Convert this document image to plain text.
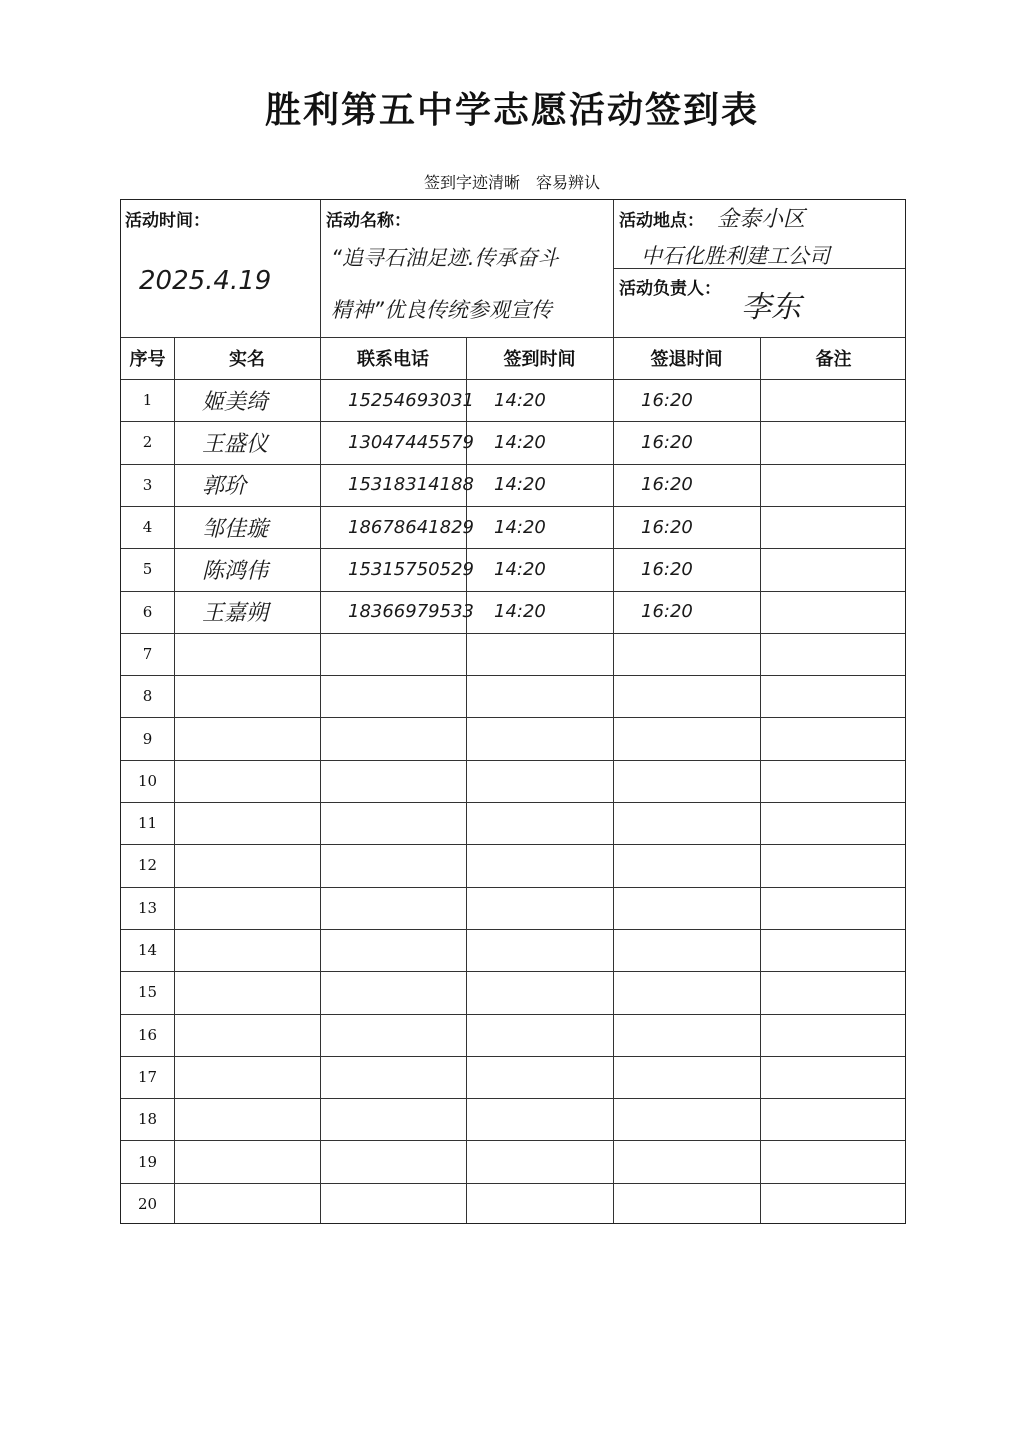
胜利第五中学志愿活动签到表
签到字迹清晰　容易辨认
活动时间：
2025.4.19
活动名称：
“追寻石油足迹.传承奋斗
精神”优良传统参观宣传
活动地点： 金泰小区
中石化胜利建工公司
活动负责人：
李东
序号	实名	联系电话	签到时间	签退时间	备注
1	姬美绮	15254693031	14:20	16:20
2	王盛仪	13047445579	14:20	16:20
3	郭玠	15318314188	14:20	16:20
4	邹佳璇	18678641829	14:20	16:20
5	陈鸿伟	15315750529	14:20	16:20
6	王嘉朔	18366979533	14:20	16:20
7
8
9
10
11
12
13
14
15
16
17
18
19
20
